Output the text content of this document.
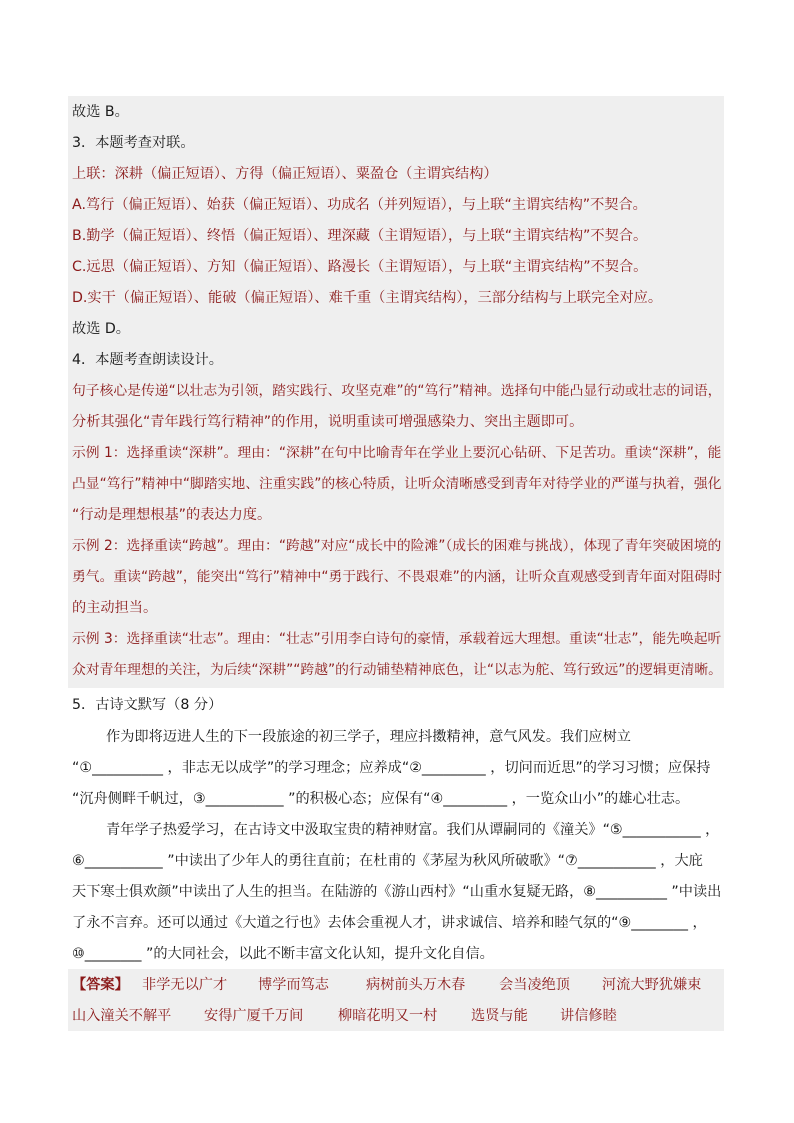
故选 B。
3．本题考查对联。
上联：深耕（偏正短语）、方得（偏正短语）、粟盈仓（主谓宾结构）
A.笃行（偏正短语）、始获（偏正短语）、功成名（并列短语），与上联“主谓宾结构”不契合。
B.勤学（偏正短语）、终悟（偏正短语）、理深藏（主谓短语），与上联“主谓宾结构”不契合。
C.远思（偏正短语）、方知（偏正短语）、路漫长（主谓短语），与上联“主谓宾结构”不契合。
D.实干（偏正短语）、能破（偏正短语）、难千重（主谓宾结构），三部分结构与上联完全对应。
故选 D。
4．本题考查朗读设计。
句子核心是传递“以壮志为引领，踏实践行、攻坚克难”的“笃行”精神。选择句中能凸显行动或壮志的词语，
分析其强化“青年践行笃行精神”的作用，说明重读可增强感染力、突出主题即可。
示例 1：选择重读“深耕”。理由：“深耕”在句中比喻青年在学业上要沉心钻研、下足苦功。重读“深耕”，能
凸显“笃行”精神中“脚踏实地、注重实践”的核心特质，让听众清晰感受到青年对待学业的严谨与执着，强化
“行动是理想根基”的表达力度。
示例 2：选择重读“跨越”。理由：“跨越”对应“成长中的险滩”（成长的困难与挑战），体现了青年突破困境的
勇气。重读“跨越”，能突出“笃行”精神中“勇于践行、不畏艰难”的内涵，让听众直观感受到青年面对阻碍时
的主动担当。
示例 3：选择重读“壮志”。理由：“壮志”引用李白诗句的豪情，承载着远大理想。重读“壮志”，能先唤起听
众对青年理想的关注，为后续“深耕”“跨越”的行动铺垫精神底色，让“以志为舵、笃行致远”的逻辑更清晰。
5．古诗文默写（8 分）
作为即将迈进人生的下一段旅途的初三学子，理应抖擞精神，意气风发。我们应树立
“①__________ ，非志无以成学”的学习理念；应养成“②_________ ，切问而近思”的学习习惯；应保持
“沉舟侧畔千帆过，③___________ ”的积极心态；应保有“④_________ ，一览众山小”的雄心壮志。
青年学子热爱学习，在古诗文中汲取宝贵的精神财富。我们从谭嗣同的《潼关》“⑤___________ ，
⑥___________ ”中读出了少年人的勇往直前；在杜甫的《茅屋为秋风所破歌》“⑦___________ ，大庇
天下寒士俱欢颜”中读出了人生的担当。在陆游的《游山西村》“山重水复疑无路，⑧__________ ”中读出
了永不言弃。还可以通过《大道之行也》去体会重视人才，讲求诚信、培养和睦气氛的“⑨________ ，
⑩________ ”的大同社会，以此不断丰富文化认知，提升文化自信。
【答案】 非学无以广才 博学而笃志	病树前头万木春 会当凌绝顶 河流大野犹嫌束
山入潼关不解平 安得广厦千万间 柳暗花明又一村 选贤与能 讲信修睦
